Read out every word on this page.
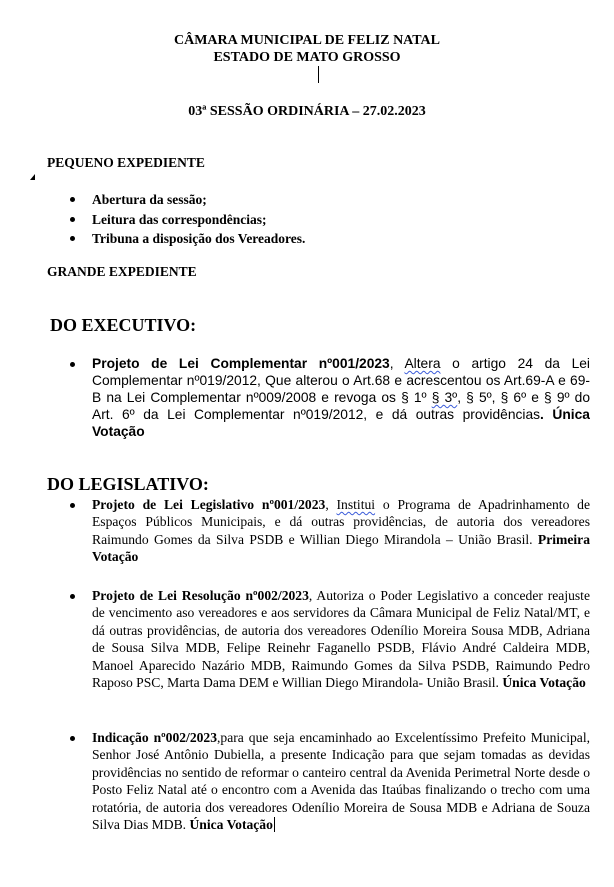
CÂMARA MUNICIPAL DE FELIZ NATAL
ESTADO DE MATO GROSSO
03ª SESSÃO ORDINÁRIA – 27.02.2023
PEQUENO EXPEDIENTE
Abertura da sessão;
Leitura das correspondências;
Tribuna a disposição dos Vereadores.
GRANDE EXPEDIENTE
DO EXECUTIVO:
Projeto de Lei Complementar nº001/2023, Altera o artigo 24 da Lei Complementar nº019/2012, Que alterou o Art.68 e acrescentou os Art.69-A e 69-B na Lei Complementar nº009/2008 e revoga os § 1º § 3º, § 5º, § 6º e § 9º do Art. 6º da Lei Complementar nº019/2012, e dá outras providências. Única Votação
DO LEGISLATIVO:
Projeto de Lei Legislativo nº001/2023, Institui o Programa de Apadrinhamento de Espaços Públicos Municipais, e dá outras providências, de autoria dos vereadores Raimundo Gomes da Silva PSDB e Willian Diego Mirandola – União Brasil. Primeira Votação
Projeto de Lei Resolução nº002/2023, Autoriza o Poder Legislativo a conceder reajuste de vencimento aso vereadores e aos servidores da Câmara Municipal de Feliz Natal/MT, e dá outras providências, de autoria dos vereadores Odenílio Moreira Sousa MDB, Adriana de Sousa Silva MDB, Felipe Reinehr Faganello PSDB, Flávio André Caldeira MDB, Manoel Aparecido Nazário MDB, Raimundo Gomes da Silva PSDB, Raimundo Pedro Raposo PSC, Marta Dama DEM e Willian Diego Mirandola- União Brasil. Única Votação
Indicação nº002/2023,para que seja encaminhado ao Excelentíssimo Prefeito Municipal, Senhor José Antônio Dubiella, a presente Indicação para que sejam tomadas as devidas providências no sentido de reformar o canteiro central da Avenida Perimetral Norte desde o Posto Feliz Natal até o encontro com a Avenida das Itaúbas finalizando o trecho com uma rotatória, de autoria dos vereadores Odenílio Moreira de Sousa MDB e Adriana de Souza Silva Dias MDB. Única Votação
